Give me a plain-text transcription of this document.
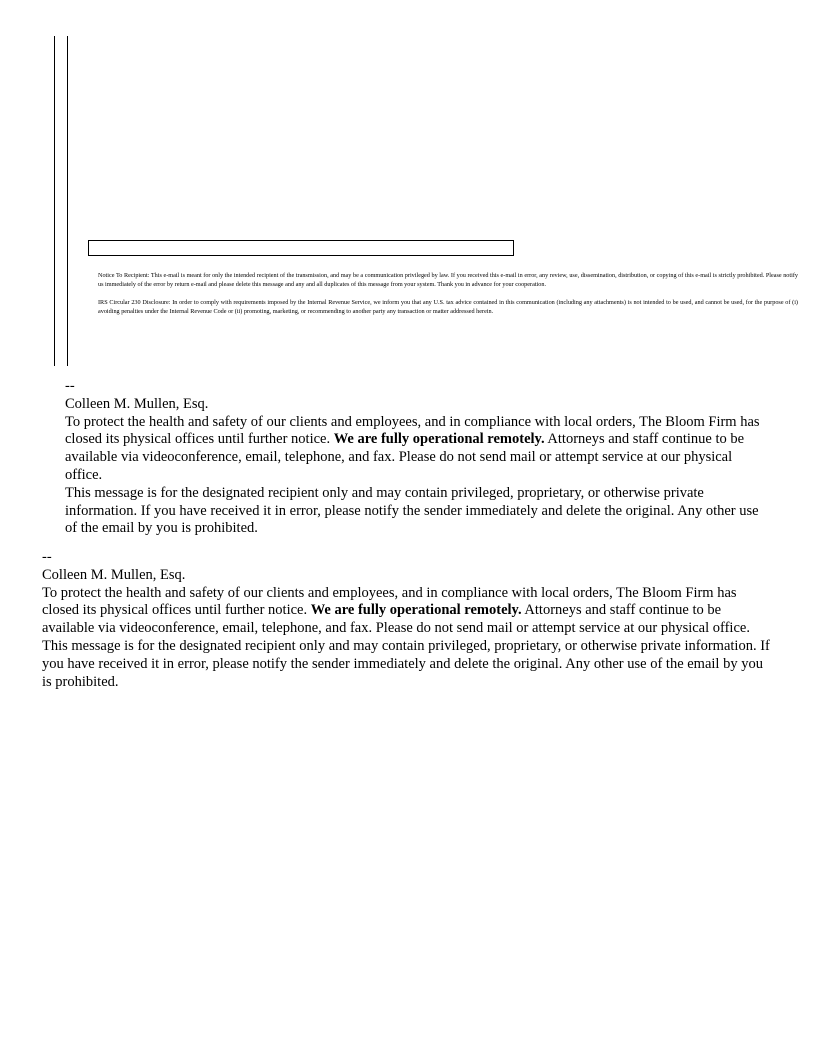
Notice To Recipient: This e-mail is meant for only the intended recipient of the transmission, and may be a communication privileged by law. If you received this e-mail in error, any review, use, dissemination, distribution, or copying of this e-mail is strictly prohibited. Please notify us immediately of the error by return e-mail and please delete this message and any and all duplicates of this message from your system. Thank you in advance for your cooperation.

IRS Circular 230 Disclosure: In order to comply with requirements imposed by the Internal Revenue Service, we inform you that any U.S. tax advice contained in this communication (including any attachments) is not intended to be used, and cannot be used, for the purpose of (i) avoiding penalties under the Internal Revenue Code or (ii) promoting, marketing, or recommending to another party any transaction or matter addressed herein.

--

Colleen M. Mullen, Esq.

To protect the health and safety of our clients and employees, and in compliance with local orders, The Bloom Firm has closed its physical offices until further notice. We are fully operational remotely. Attorneys and staff continue to be available via videoconference, email, telephone, and fax. Please do not send mail or attempt service at our physical office.

This message is for the designated recipient only and may contain privileged, proprietary, or otherwise private information. If you have received it in error, please notify the sender immediately and delete the original. Any other use of the email by you is prohibited.

--

Colleen M. Mullen, Esq.

To protect the health and safety of our clients and employees, and in compliance with local orders, The Bloom Firm has closed its physical offices until further notice. We are fully operational remotely. Attorneys and staff continue to be available via videoconference, email, telephone, and fax. Please do not send mail or attempt service at our physical office.

This message is for the designated recipient only and may contain privileged, proprietary, or otherwise private information. If you have received it in error, please notify the sender immediately and delete the original. Any other use of the email by you is prohibited.
